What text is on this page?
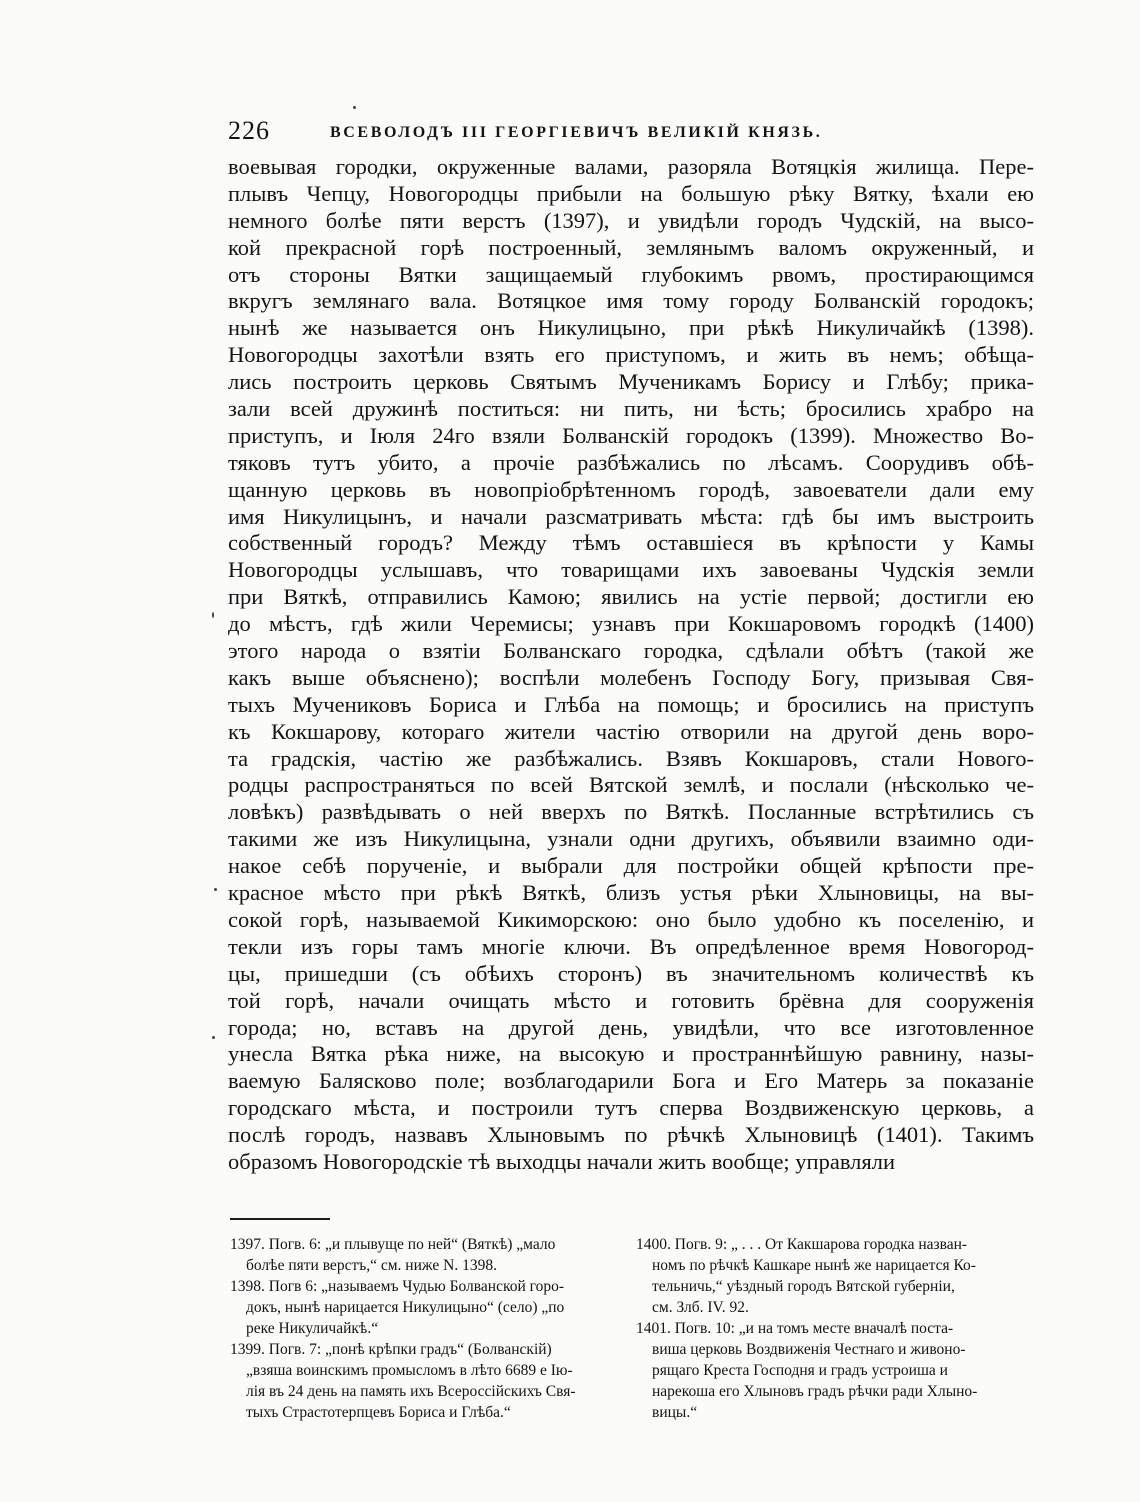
226	ВСЕВОЛОДЪ III ГЕОРГІЕВИЧЪ ВЕЛИКІЙ КНЯЗЬ.
воевывая городки, окруженные валами, разоряла Вотяцкія жилища. Пере-
плывъ Чепцу, Новогородцы прибыли на большую рѣку Вятку, ѣхали ею
немного болѣе пяти верстъ (1397), и увидѣли городъ Чудскій, на высо-
кой прекрасной горѣ построенный, землянымъ валомъ окруженный, и
отъ стороны Вятки защищаемый глубокимъ рвомъ, простирающимся
вкругъ землянаго вала. Вотяцкое имя тому городу Болванскій городокъ;
нынѣ же называется онъ Никулицыно, при рѣкѣ Никуличайкѣ (1398).
Новогородцы захотѣли взять его приступомъ, и жить въ немъ; обѣща-
лись построить церковь Святымъ Мученикамъ Борису и Глѣбу; прика-
зали всей дружинѣ поститься: ни пить, ни ѣсть; бросились храбро на
приступъ, и Іюля 24го взяли Болванскій городокъ (1399). Множество Во-
тяковъ тутъ убито, а прочіе разбѣжались по лѣсамъ. Соорудивъ обѣ-
щанную церковь въ новопріобрѣтенномъ городѣ, завоеватели дали ему
имя Никулицынъ, и начали разсматривать мѣста: гдѣ бы имъ выстроить
собственный городъ? Между тѣмъ оставшіеся въ крѣпости у Камы
Новогородцы услышавъ, что товарищами ихъ завоеваны Чудскія земли
при Вяткѣ, отправились Камою; явились на устіе первой; достигли ею
до мѣстъ, гдѣ жили Черемисы; узнавъ при Кокшаровомъ городкѣ (1400)
этого народа о взятіи Болванскаго городка, сдѣлали обѣтъ (такой же
какъ выше объяснено); воспѣли молебенъ Господу Богу, призывая Свя-
тыхъ Мучениковъ Бориса и Глѣба на помощь; и бросились на приступъ
къ Кокшарову, котораго жители частію отворили на другой день воро-
та градскія, частію же разбѣжались. Взявъ Кокшаровъ, стали Нового-
родцы распространяться по всей Вятской землѣ, и послали (нѣсколько че-
ловѣкъ) развѣдывать о ней вверхъ по Вяткѣ. Посланные встрѣтились съ
такими же изъ Никулицына, узнали одни другихъ, объявили взаимно оди-
накое себѣ порученіе, и выбрали для постройки общей крѣпости пре-
красное мѣсто при рѣкѣ Вяткѣ, близъ устья рѣки Хлыновицы, на вы-
сокой горѣ, называемой Кикиморскою: оно было удобно къ поселенію, и
текли изъ горы тамъ многіе ключи. Въ опредѣленное время Новогород-
цы, пришедши (съ обѣихъ сторонъ) въ значительномъ количествѣ къ
той горѣ, начали очищать мѣсто и готовить брёвна для сооруженія
города; но, вставъ на другой день, увидѣли, что все изготовленное
унесла Вятка рѣка ниже, на высокую и пространнѣйшую равнину, назы-
ваемую Балясково поле; возблагодарили Бога и Его Матерь за показаніе
городскаго мѣста, и построили тутъ сперва Воздвиженскую церковь, а
послѣ городъ, назвавъ Хлыновымъ по рѣчкѣ Хлыновицѣ (1401). Такимъ
образомъ Новогородскіе тѣ выходцы начали жить вообще; управляли
1397. Погв. 6: „и плывуще по ней“ (Вяткѣ) „мало
болѣе пяти верстъ,“ см. ниже N. 1398.
1398. Погв 6: „называемъ Чудью Болванской горо-
докъ, нынѣ нарицается Никулицыно“ (село) „по
реке Никуличайкѣ.“
1399. Погв. 7: „понѣ крѣпки градъ“ (Болванскій)
„взяша воинскимъ промысломъ в лѣто 6689 е Ію-
лія въ 24 день на память ихъ Всероссійскихъ Свя-
тыхъ Страстотерпцевъ Бориса и Глѣба.“
1400. Погв. 9: „ . . . От Какшарова городка назван-
номъ по рѣчкѣ Кашкаре нынѣ же нарицается Ко-
тельничь,“ уѣздный городъ Вятской губерніи,
см. Злб. IV. 92.
1401. Погв. 10: „и на томъ месте вначалѣ поста-
виша церковь Воздвиженія Честнаго и живоно-
рящаго Креста Господня и градъ устроиша и
нарекоша его Хлыновъ градъ рѣчки ради Хлыно-
вицы.“
